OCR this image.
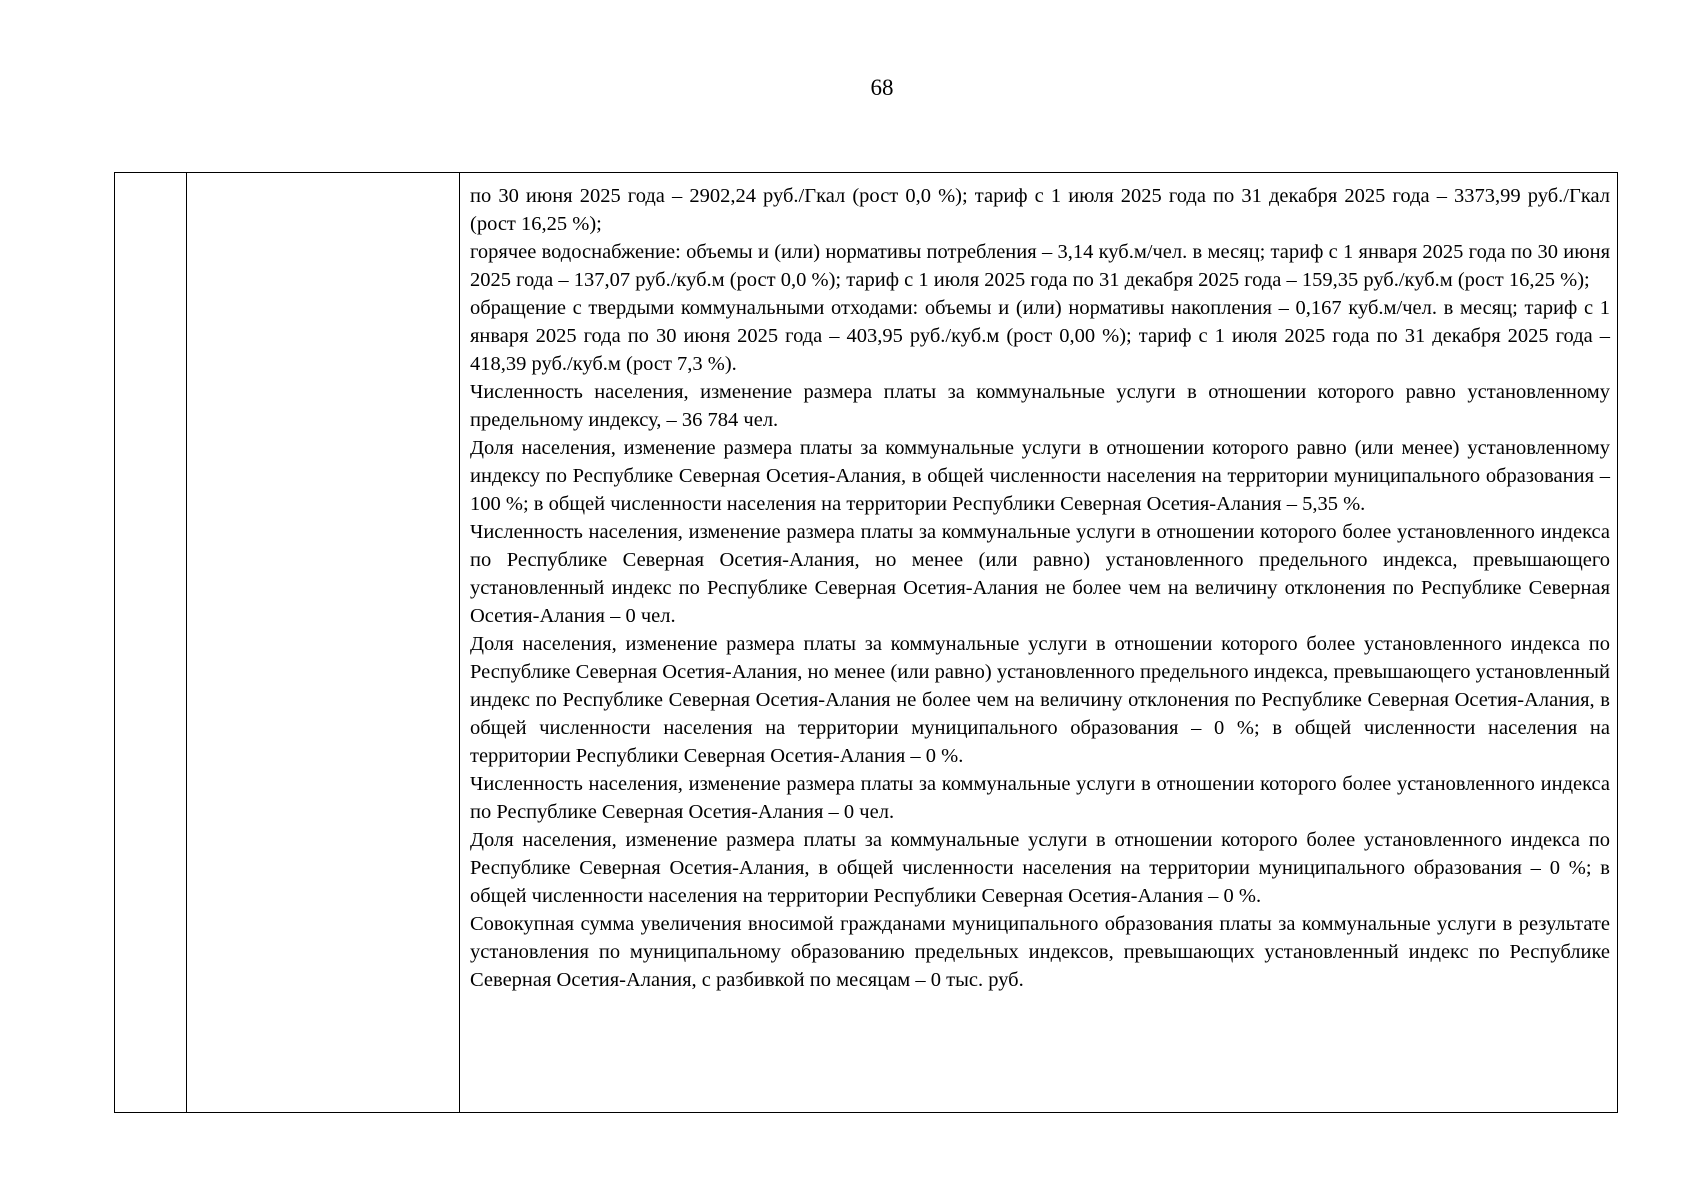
68

по 30 июня 2025 года – 2902,24 руб./Гкал (рост 0,0 %); тариф с 1 июля 2025 года по 31 декабря 2025 года – 3373,99 руб./Гкал (рост 16,25 %);

горячее водоснабжение: объемы и (или) нормативы потребления – 3,14 куб.м/чел. в месяц; тариф с 1 января 2025 года по 30 июня 2025 года – 137,07 руб./куб.м (рост 0,0 %); тариф с 1 июля 2025 года по 31 декабря 2025 года – 159,35 руб./куб.м (рост 16,25 %);

обращение с твердыми коммунальными отходами: объемы и (или) нормативы накопления – 0,167 куб.м/чел. в месяц; тариф с 1 января 2025 года по 30 июня 2025 года – 403,95 руб./куб.м (рост 0,00 %); тариф с 1 июля 2025 года по 31 декабря 2025 года – 418,39 руб./куб.м (рост 7,3 %).

Численность населения, изменение размера платы за коммунальные услуги в отношении которого равно установленному предельному индексу, – 36 784 чел.

Доля населения, изменение размера платы за коммунальные услуги в отношении которого равно (или менее) установленному индексу по Республике Северная Осетия-Алания, в общей численности населения на территории муниципального образования – 100 %; в общей численности населения на территории Республики Северная Осетия-Алания – 5,35 %.

Численность населения, изменение размера платы за коммунальные услуги в отношении которого более установленного индекса по Республике Северная Осетия-Алания, но менее (или равно) установленного предельного индекса, превышающего установленный индекс по Республике Северная Осетия-Алания не более чем на величину отклонения по Республике Северная Осетия-Алания – 0 чел.

Доля населения, изменение размера платы за коммунальные услуги в отношении которого более установленного индекса по Республике Северная Осетия-Алания, но менее (или равно) установленного предельного индекса, превышающего установленный индекс по Республике Северная Осетия-Алания не более чем на величину отклонения по Республике Северная Осетия-Алания, в общей численности населения на территории муниципального образования – 0 %; в общей численности населения на территории Республики Северная Осетия-Алания – 0 %.

Численность населения, изменение размера платы за коммунальные услуги в отношении которого более установленного индекса по Республике Северная Осетия-Алания – 0 чел.

Доля населения, изменение размера платы за коммунальные услуги в отношении которого более установленного индекса по Республике Северная Осетия-Алания, в общей численности населения на территории муниципального образования – 0 %; в общей численности населения на территории Республики Северная Осетия-Алания – 0 %.

Совокупная сумма увеличения вносимой гражданами муниципального образования платы за коммунальные услуги в результате установления по муниципальному образованию предельных индексов, превышающих установленный индекс по Республике Северная Осетия-Алания, с разбивкой по месяцам – 0 тыс. руб.
